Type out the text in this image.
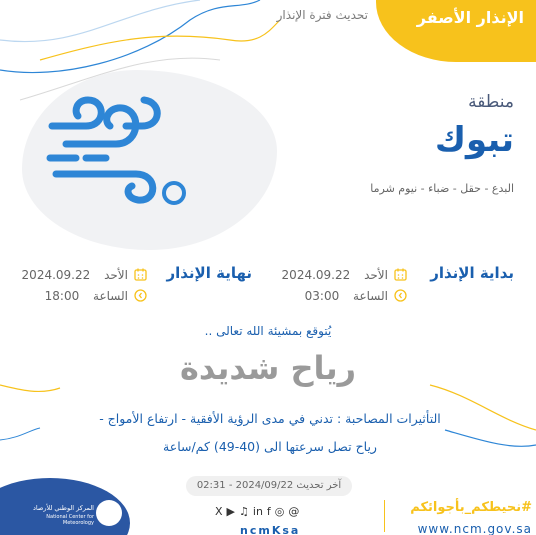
الإنذار الأصفر
تحديث فترة الإنذار
منطقة
تبوك
البدع - حقل - ضباء - نيوم شرما
بداية الإنذار
الأحد 2024.09.22
الساعة 03:00
نهاية الإنذار
الأحد 2024.09.22
الساعة 18:00
يُتوقع بمشيئة الله تعالى ..
رياح شديدة
التأثيرات المصاحبة : تدني في مدى الرؤية الأفقية - ارتفاع الأمواج -
رياح تصل سرعتها الى (40-49) كم/ساعة
آخر تحديث 2024/09/22 - 02:31
المركز الوطني للأرصاد
National Center for Meteorology
X ▶ ♫ in f ◎ @
ncmKsa
#نحيطكم_بأجوائكم
www.ncm.gov.sa
